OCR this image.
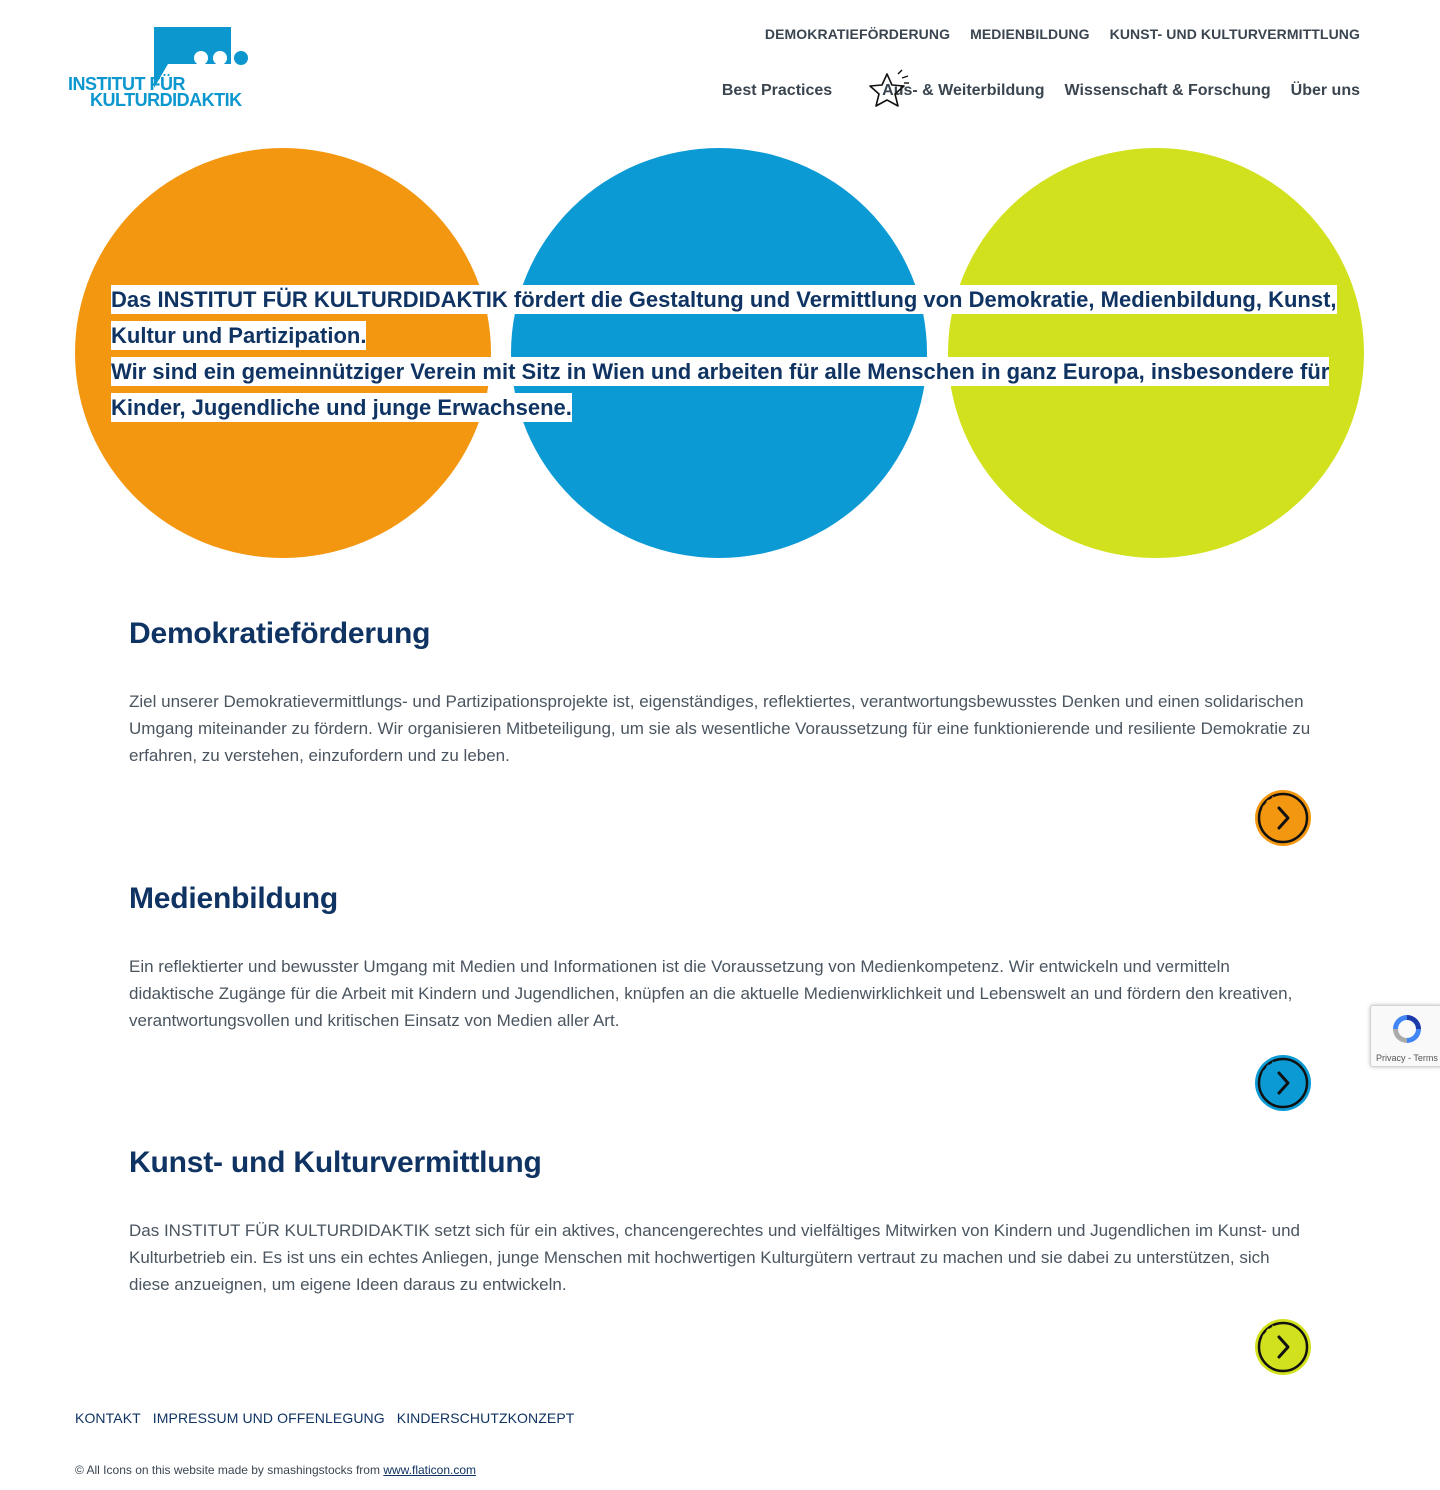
INSTITUT FÜR
KULTURDIDAKTIK
DEMOKRATIEFÖRDERUNG MEDIENBILDUNG KUNST- UND KULTURVERMITTLUNG
Best Practices	Aus- & Weiterbildung Wissenschaft & Forschung Über uns

Das INSTITUT FÜR KULTURDIDAKTIK fördert die Gestaltung und Vermittlung von Demokratie, Medienbildung, Kunst, Kultur und Partizipation.

Wir sind ein gemeinnütziger Verein mit Sitz in Wien und arbeiten für alle Menschen in ganz Europa, insbesondere für Kinder, Jugendliche und junge Erwachsene.

Demokratieförderung

Ziel unserer Demokratievermittlungs- und Partizipationsprojekte ist, eigenständiges, reflektiertes, verantwortungsbewusstes Denken und einen solidarischen Umgang miteinander zu fördern. Wir organisieren Mitbeteiligung, um sie als wesentliche Voraussetzung für eine funktionierende und resiliente Demokratie zu erfahren, zu verstehen, einzufordern und zu leben.

Medienbildung

Ein reflektierter und bewusster Umgang mit Medien und Informationen ist die Voraussetzung von Medienkompetenz. Wir entwickeln und vermitteln didaktische Zugänge für die Arbeit mit Kindern und Jugendlichen, knüpfen an die aktuelle Medienwirklichkeit und Lebenswelt an und fördern den kreativen, verantwortungsvollen und kritischen Einsatz von Medien aller Art.

Kunst- und Kulturvermittlung

Das INSTITUT FÜR KULTURDIDAKTIK setzt sich für ein aktives, chancengerechtes und vielfältiges Mitwirken von Kindern und Jugendlichen im Kunst- und Kulturbetrieb ein. Es ist uns ein echtes Anliegen, junge Menschen mit hochwertigen Kulturgütern vertraut zu machen und sie dabei zu unterstützen, sich diese anzueignen, um eigene Ideen daraus zu entwickeln.

KONTAKT IMPRESSUM UND OFFENLEGUNG KINDERSCHUTZKONZEPT
© All Icons on this website made by smashingstocks from www.flaticon.com
Privacy - Terms
